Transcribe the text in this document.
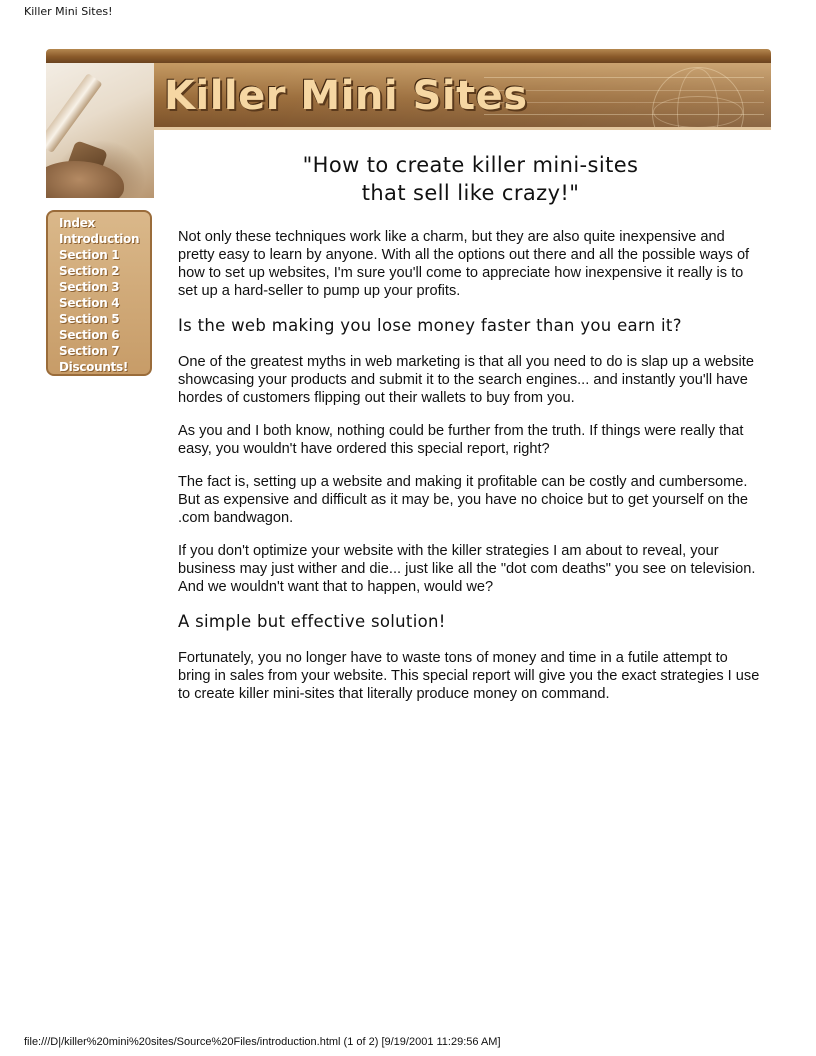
Killer Mini Sites!
Killer Mini Sites
Index
Introduction
Section 1
Section 2
Section 3
Section 4
Section 5
Section 6
Section 7
Discounts!
"How to create killer mini-sites
that sell like crazy!"

Not only these techniques work like a charm, but they are also quite inexpensive and pretty easy to learn by anyone. With all the options out there and all the possible ways of how to set up websites, I'm sure you'll come to appreciate how inexpensive it really is to set up a hard-seller to pump up your profits.

Is the web making you lose money faster than you earn it?

One of the greatest myths in web marketing is that all you need to do is slap up a website showcasing your products and submit it to the search engines... and instantly you'll have hordes of customers flipping out their wallets to buy from you.

As you and I both know, nothing could be further from the truth. If things were really that easy, you wouldn't have ordered this special report, right?

The fact is, setting up a website and making it profitable can be costly and cumbersome. But as expensive and difficult as it may be, you have no choice but to get yourself on the .com bandwagon.

If you don't optimize your website with the killer strategies I am about to reveal, your business may just wither and die... just like all the "dot com deaths" you see on television. And we wouldn't want that to happen, would we?

A simple but effective solution!

Fortunately, you no longer have to waste tons of money and time in a futile attempt to bring in sales from your website. This special report will give you the exact strategies I use to create killer mini-sites that literally produce money on command.

file:///D|/killer%20mini%20sites/Source%20Files/introduction.html (1 of 2) [9/19/2001 11:29:56 AM]
